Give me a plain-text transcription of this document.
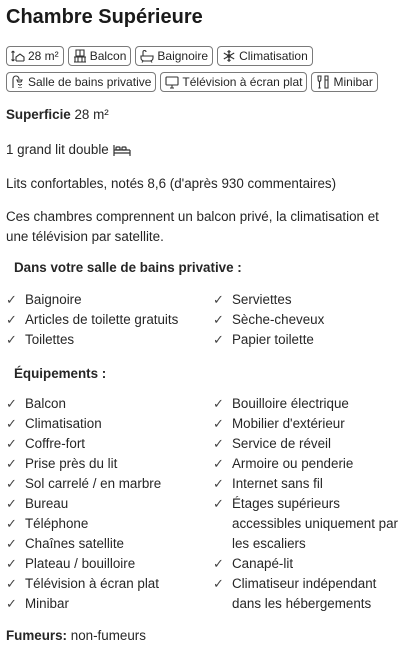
Chambre Supérieure
28 m²	Balcon	Baignoire	Climatisation
Salle de bains privative	Télévision à écran plat	Minibar

Superficie 28 m²

1 grand lit double

Lits confortables, notés 8,6 (d'après 930 commentaires)

Ces chambres comprennent un balcon privé, la climatisation et une télévision par satellite.

Dans votre salle de bains privative :
✓ Baignoire
✓ Articles de toilette gratuits
✓ Toilettes
✓ Serviettes
✓ Sèche-cheveux
✓ Papier toilette
Équipements :
✓ Balcon
✓ Climatisation
✓ Coffre-fort
✓ Prise près du lit
✓ Sol carrelé / en marbre
✓ Bureau
✓ Téléphone
✓ Chaînes satellite
✓ Plateau / bouilloire
✓ Télévision à écran plat
✓ Minibar
✓ Bouilloire électrique
✓ Mobilier d'extérieur
✓ Service de réveil
✓ Armoire ou penderie
✓ Internet sans fil
✓ Étages supérieurs accessibles uniquement par les escaliers
✓ Canapé-lit
✓ Climatiseur indépendant dans les hébergements
Fumeurs: non-fumeurs
